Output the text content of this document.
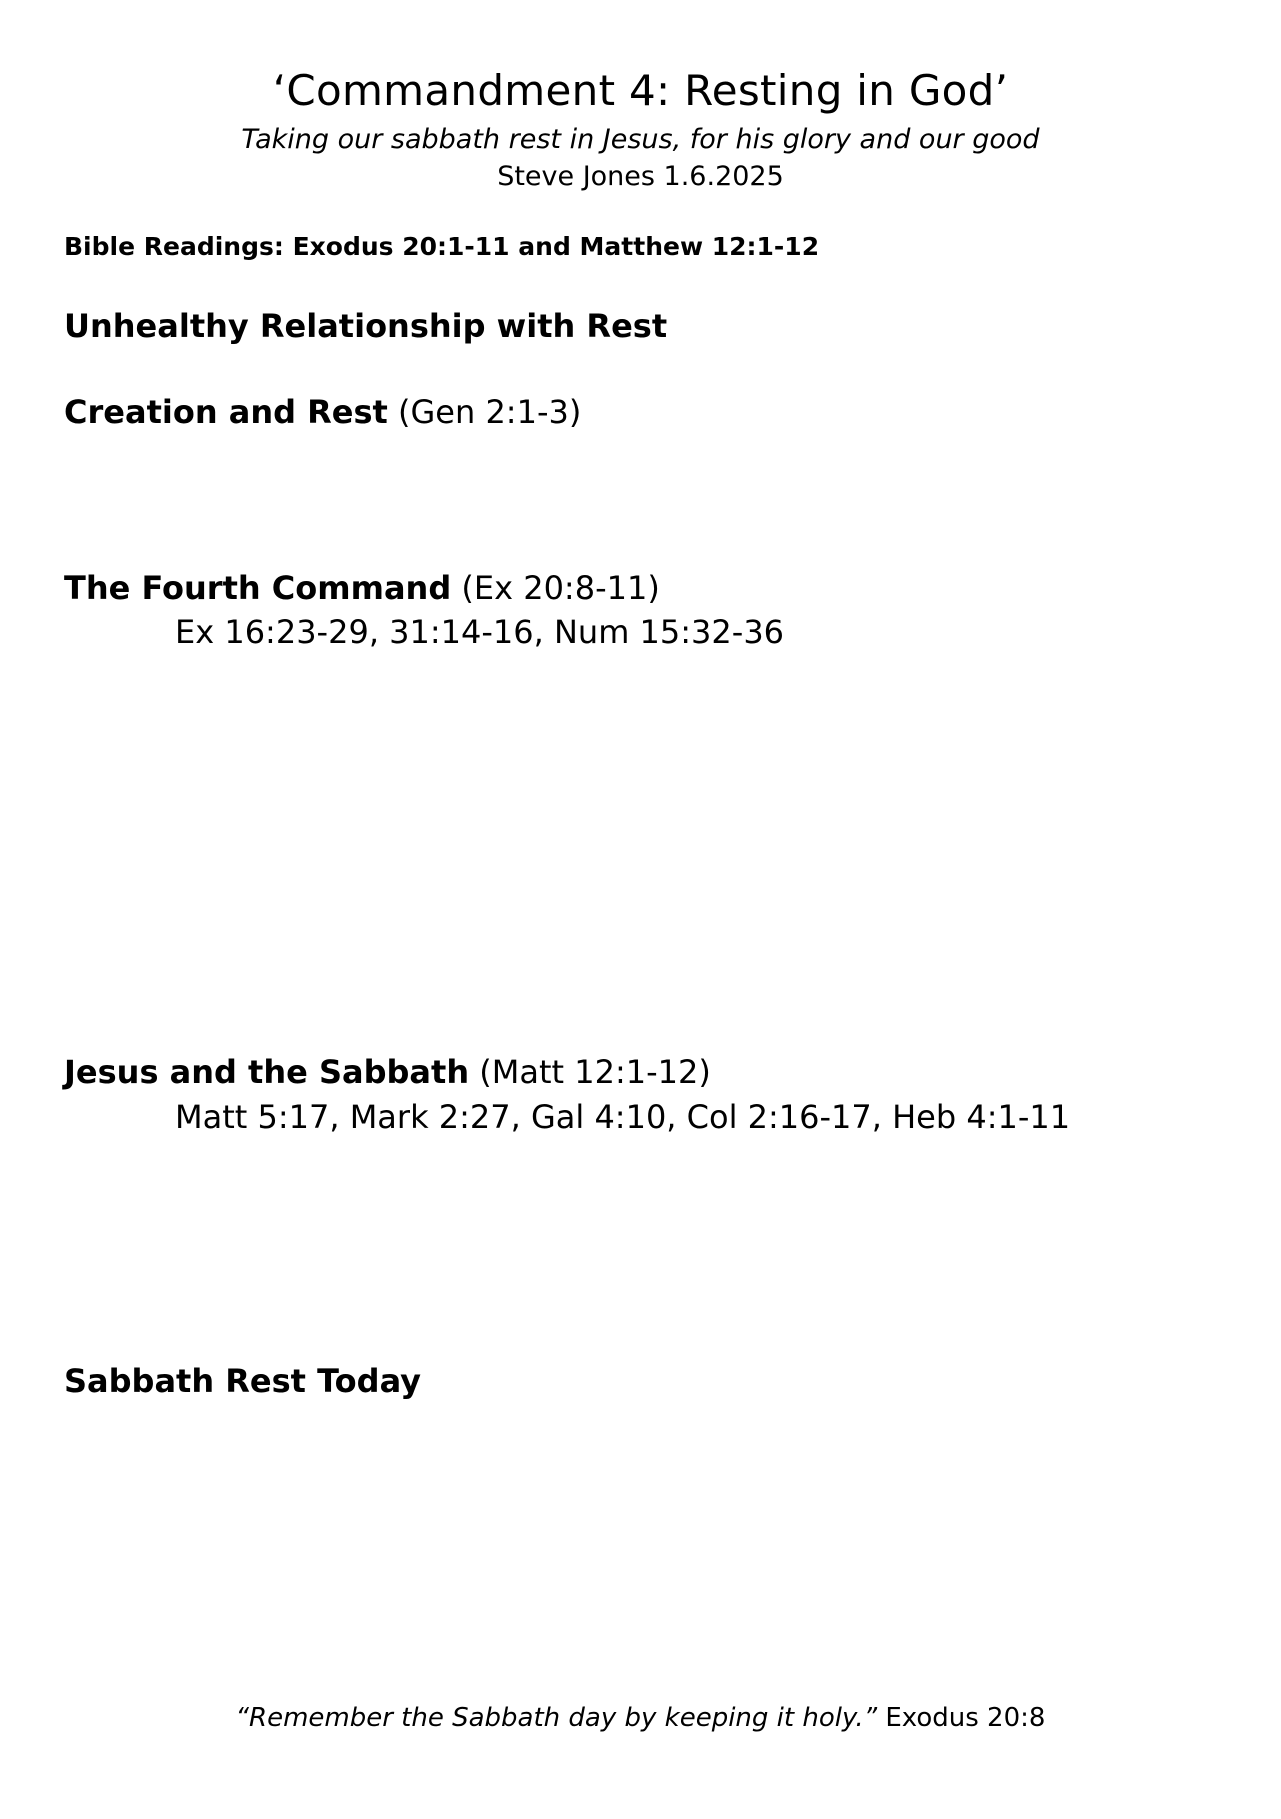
‘Commandment 4: Resting in God’

Taking our sabbath rest in Jesus, for his glory and our good

Steve Jones 1.6.2025

Bible Readings: Exodus 20:1-11 and Matthew 12:1-12

Unhealthy Relationship with Rest

Creation and Rest (Gen 2:1-3)

The Fourth Command (Ex 20:8-11)

Ex 16:23-29, 31:14-16, Num 15:32-36

Jesus and the Sabbath (Matt 12:1-12)

Matt 5:17, Mark 2:27, Gal 4:10, Col 2:16-17, Heb 4:1-11

Sabbath Rest Today

“Remember the Sabbath day by keeping it holy.” Exodus 20:8
